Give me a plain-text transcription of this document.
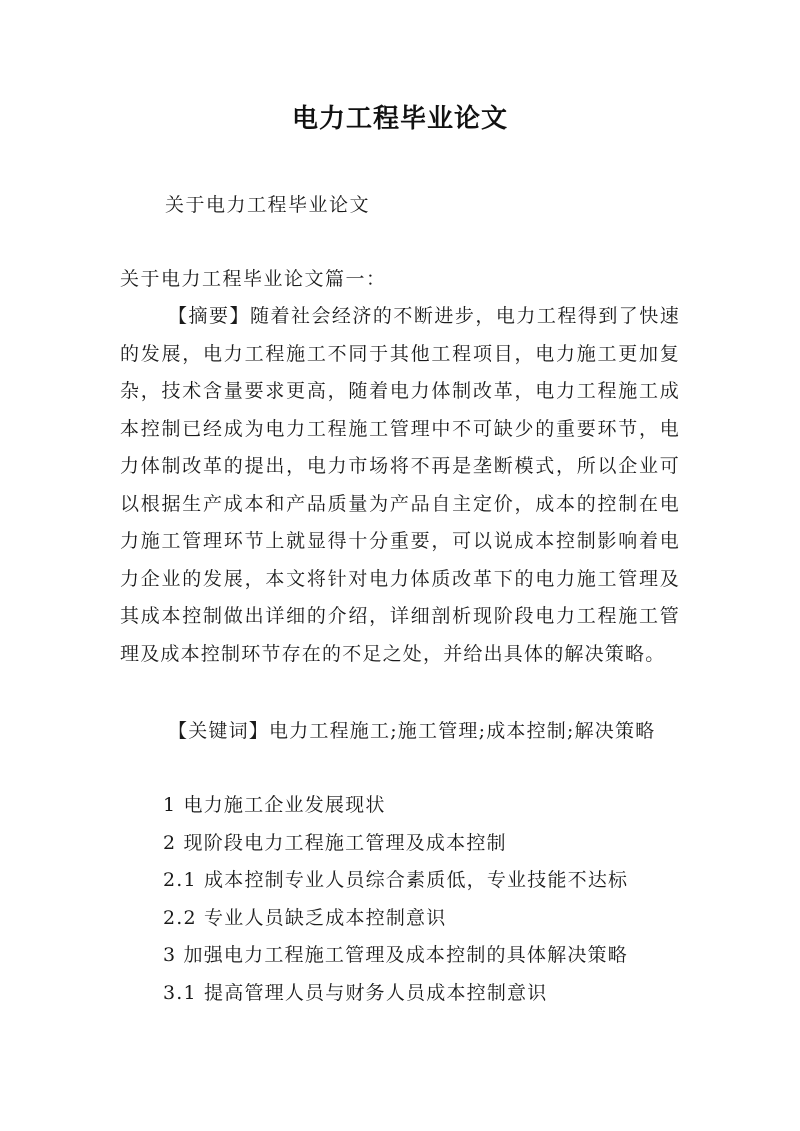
电力工程毕业论文
关于电力工程毕业论文
关于电力工程毕业论文篇一：

【摘要】随着社会经济的不断进步，电力工程得到了快速的发展，电力工程施工不同于其他工程项目，电力施工更加复杂，技术含量要求更高，随着电力体制改革，电力工程施工成本控制已经成为电力工程施工管理中不可缺少的重要环节，电力体制改革的提出，电力市场将不再是垄断模式，所以企业可以根据生产成本和产品质量为产品自主定价，成本的控制在电力施工管理环节上就显得十分重要，可以说成本控制影响着电力企业的发展，本文将针对电力体质改革下的电力施工管理及其成本控制做出详细的介绍，详细剖析现阶段电力工程施工管理及成本控制环节存在的不足之处，并给出具体的解决策略。

【关键词】电力工程施工;施工管理;成本控制;解决策略

1 电力施工企业发展现状
2 现阶段电力工程施工管理及成本控制
2.1 成本控制专业人员综合素质低，专业技能不达标
2.2 专业人员缺乏成本控制意识
3 加强电力工程施工管理及成本控制的具体解决策略
3.1 提高管理人员与财务人员成本控制意识
